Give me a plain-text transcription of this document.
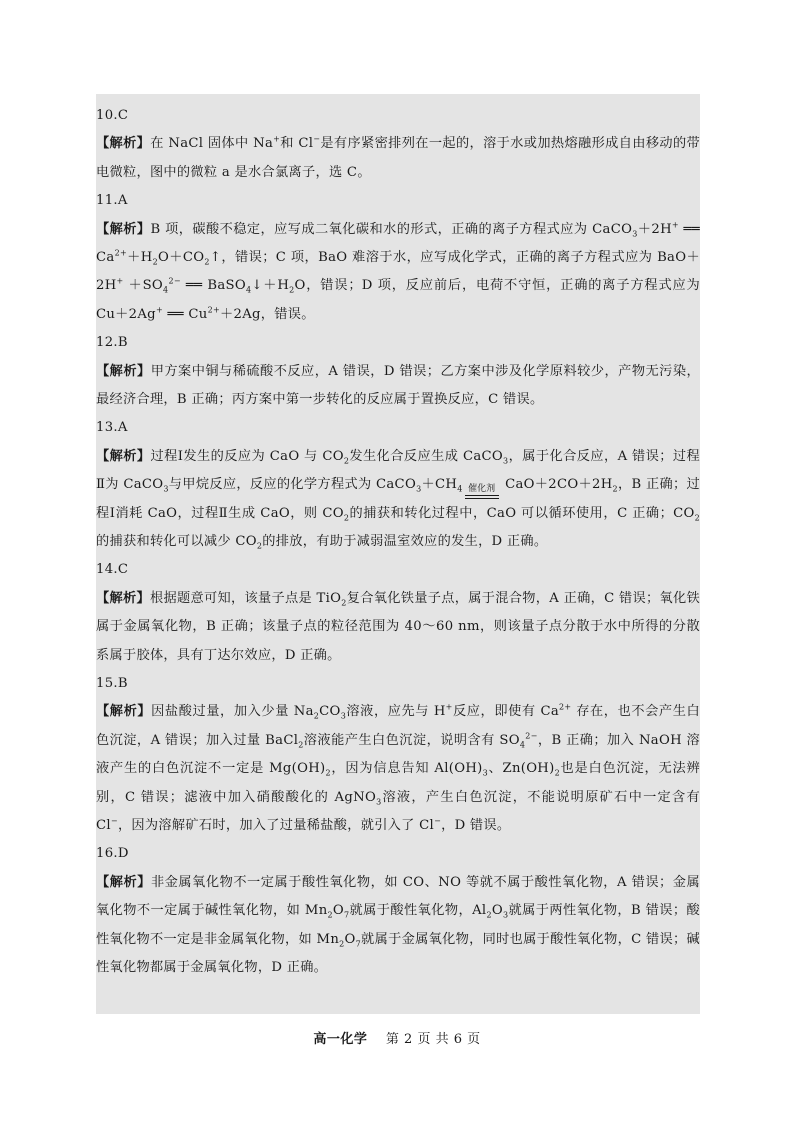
10.C

【解析】在 NaCl 固体中 Na+和 Cl−是有序紧密排列在一起的，溶于水或加热熔融形成自由移动的带电微粒，图中的微粒 a 是水合氯离子，选 C。

11.A

【解析】B 项，碳酸不稳定，应写成二氧化碳和水的形式，正确的离子方程式应为 CaCO$_3$＋2H+ ══ $Ca^{2+}+H_2O+CO_2↑$，错误；C 项，BaO 难溶于水，应写成化学式，正确的离子方程式应为 $BaO+2H^+ +SO_4^{2-}$ ══ $BaSO_4↓+H_2O$，错误；D 项，反应前后，电荷不守恒，正确的离子方程式应为 Cu＋2Ag+ ══ $Cu^{2+}+2Ag$，错误。

12.B

【解析】甲方案中铜与稀硫酸不反应，A 错误，D 错误；乙方案中涉及化学原料较少，产物无污染，最经济合理，B 正确；丙方案中第一步转化的反应属于置换反应，C 错误。

13.A

【解析】过程Ⅰ发生的反应为 CaO 与 $CO_2$发生化合反应生成 CaCO$_3$，属于化合反应，A 错误；过程Ⅱ为 CaCO$_3$与甲烷反应，反应的化学方程式为 $CaCO_3+CH_4$ 催化剂 $CaO+2CO+2H_2$，B 正确；过程Ⅰ消耗 CaO，过程Ⅱ生成 CaO，则 $CO_2$的捕获和转化过程中，CaO 可以循环使用，C 正确；$CO_2$的捕获和转化可以减少 $CO_2$的排放，有助于减弱温室效应的发生，D 正确。

14.C

【解析】根据题意可知，该量子点是 TiO$_2$复合氧化铁量子点，属于混合物，A 正确，C 错误；氧化铁属于金属氧化物，B 正确；该量子点的粒径范围为 40～60 nm，则该量子点分散于水中所得的分散系属于胶体，具有丁达尔效应，D 正确。

15.B

【解析】因盐酸过量，加入少量 $Na_2CO_3$溶液，应先与 H+反应，即使有 $Ca^{2+}$ 存在，也不会产生白色沉淀，A 错误；加入过量 BaCl$_2$溶液能产生白色沉淀，说明含有 $SO_4^{2-}$，B 正确；加入 NaOH 溶液产生的白色沉淀不一定是 $Mg(OH)_2$，因为信息告知 $Al(OH)_3$、$Zn(OH)_2$也是白色沉淀，无法辨别，C 错误；滤液中加入硝酸酸化的 AgNO$_3$溶液，产生白色沉淀，不能说明原矿石中一定含有 Cl−，因为溶解矿石时，加入了过量稀盐酸，就引入了 Cl−，D 错误。

16.D

【解析】非金属氧化物不一定属于酸性氧化物，如 CO、NO 等就不属于酸性氧化物，A 错误；金属氧化物不一定属于碱性氧化物，如 $Mn_2O_7$就属于酸性氧化物，$Al_2O_3$就属于两性氧化物，B 错误；酸性氧化物不一定是非金属氧化物，如 $Mn_2O_7$就属于金属氧化物，同时也属于酸性氧化物，C 错误；碱性氧化物都属于金属氧化物，D 正确。

高一化学 第 2 页 共 6 页
